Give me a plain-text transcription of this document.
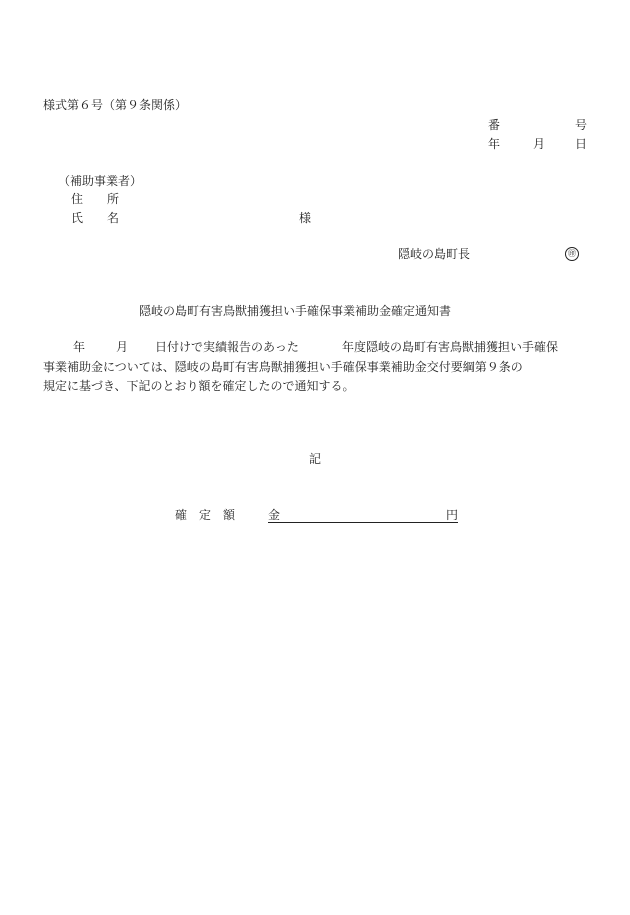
様式第６号（第９条関係）
番	号
年	月 日
（補助事業者）
住　　所
氏　　名	様
隠岐の島町長	㊞
隠岐の島町有害鳥獣捕獲担い手確保事業補助金確定通知書
年	月 日付けで実績報告のあった	年度隠岐の島町有害鳥獣捕獲担い手確保
事業補助金については、隠岐の島町有害鳥獣捕獲担い手確保事業補助金交付要綱第９条の
規定に基づき、下記のとおり額を確定したので通知する。
記
確　定　額	金	円
